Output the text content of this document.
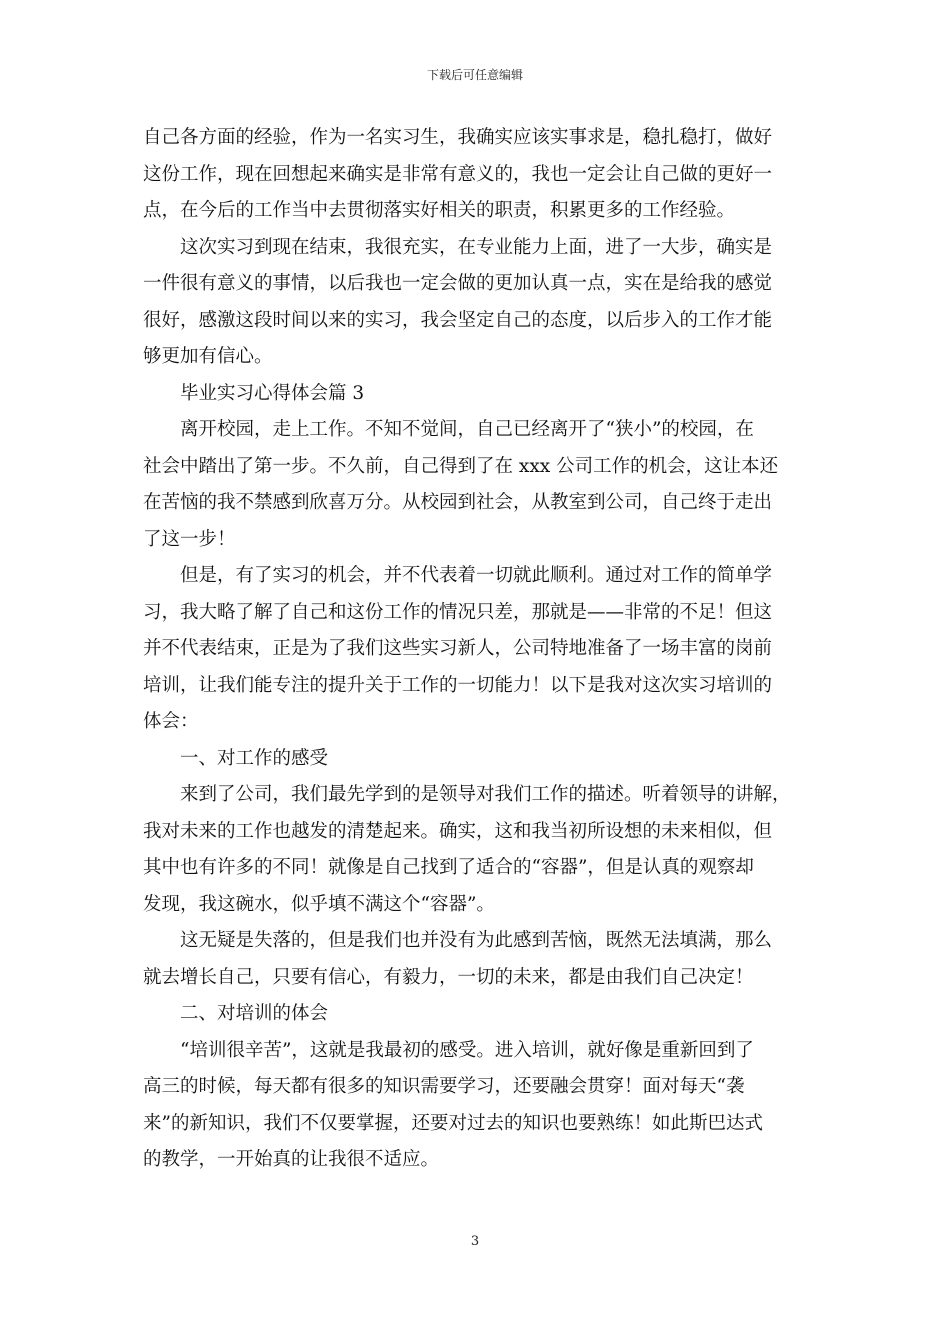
下载后可任意编辑

自己各方面的经验，作为一名实习生，我确实应该实事求是，稳扎稳打，做好
这份工作，现在回想起来确实是非常有意义的，我也一定会让自己做的更好一
点，在今后的工作当中去贯彻落实好相关的职责，积累更多的工作经验。

这次实习到现在结束，我很充实，在专业能力上面，进了一大步，确实是
一件很有意义的事情，以后我也一定会做的更加认真一点，实在是给我的感觉
很好，感激这段时间以来的实习，我会坚定自己的态度，以后步入的工作才能
够更加有信心。

毕业实习心得体会篇 3

离开校园，走上工作。不知不觉间，自己已经离开了“狭小”的校园，在
社会中踏出了第一步。不久前，自己得到了在 xxx 公司工作的机会，这让本还
在苦恼的我不禁感到欣喜万分。从校园到社会，从教室到公司，自己终于走出
了这一步！

但是，有了实习的机会，并不代表着一切就此顺利。通过对工作的简单学
习，我大略了解了自己和这份工作的情况只差，那就是——非常的不足！但这
并不代表结束，正是为了我们这些实习新人，公司特地准备了一场丰富的岗前
培训，让我们能专注的提升关于工作的一切能力！以下是我对这次实习培训的
体会：

一、对工作的感受

来到了公司，我们最先学到的是领导对我们工作的描述。听着领导的讲解，
我对未来的工作也越发的清楚起来。确实，这和我当初所设想的未来相似，但
其中也有许多的不同！就像是自己找到了适合的“容器”，但是认真的观察却
发现，我这碗水，似乎填不满这个“容器”。

这无疑是失落的，但是我们也并没有为此感到苦恼，既然无法填满，那么
就去增长自己，只要有信心，有毅力，一切的未来，都是由我们自己决定！

二、对培训的体会

“培训很辛苦”，这就是我最初的感受。进入培训，就好像是重新回到了
高三的时候，每天都有很多的知识需要学习，还要融会贯穿！面对每天“袭
来”的新知识，我们不仅要掌握，还要对过去的知识也要熟练！如此斯巴达式
的教学，一开始真的让我很不适应。

3
